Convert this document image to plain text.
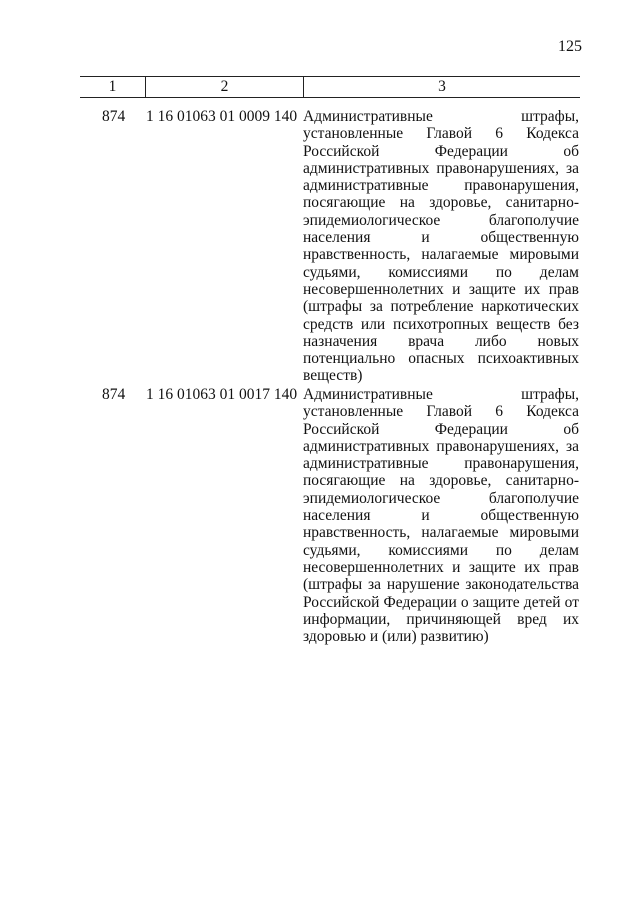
125
1	2	3
874 1 16 01063 01 0009 140 Административные штрафы, установленные Главой 6 Кодекса Российской Федерации об административных правонарушениях, за административные правонарушения, посягающие на здоровье, санитарно-эпидемиологическое благополучие населения и общественную нравственность, налагаемые мировыми судьями, комиссиями по делам несовершеннолетних и защите их прав (штрафы за потребление наркотических средств или психотропных веществ без назначения врача либо новых потенциально опасных психоактивных веществ)
874 1 16 01063 01 0017 140 Административные штрафы, установленные Главой 6 Кодекса Российской Федерации об административных правонарушениях, за административные правонарушения, посягающие на здоровье, санитарно-эпидемиологическое благополучие населения и общественную нравственность, налагаемые мировыми судьями, комиссиями по делам несовершеннолетних и защите их прав (штрафы за нарушение законодательства Российской Федерации о защите детей от информации, причиняющей вред их здоровью и (или) развитию)
